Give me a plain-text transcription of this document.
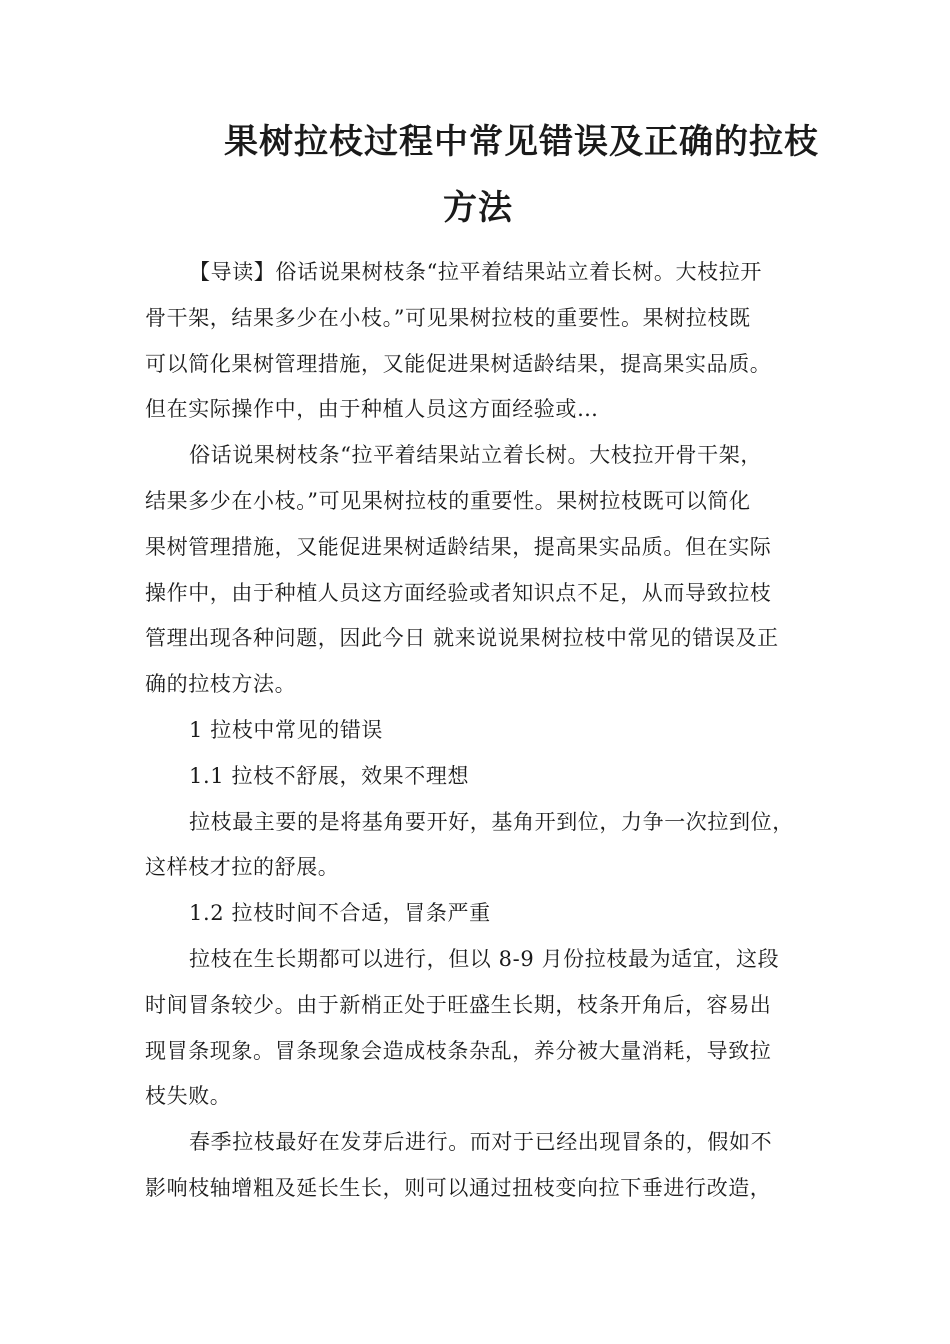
果树拉枝过程中常见错误及正确的拉枝
方法

【导读】俗话说果树枝条“拉平着结果站立着长树。大枝拉开

骨干架，结果多少在小枝。”可见果树拉枝的重要性。果树拉枝既

可以简化果树管理措施，又能促进果树适龄结果，提高果实品质。

但在实际操作中，由于种植人员这方面经验或…

俗话说果树枝条“拉平着结果站立着长树。大枝拉开骨干架，

结果多少在小枝。”可见果树拉枝的重要性。果树拉枝既可以简化

果树管理措施，又能促进果树适龄结果，提高果实品质。但在实际

操作中，由于种植人员这方面经验或者知识点不足，从而导致拉枝

管理出现各种问题，因此今日 就来说说果树拉枝中常见的错误及正

确的拉枝方法。

1 拉枝中常见的错误

1.1 拉枝不舒展，效果不理想

拉枝最主要的是将基角要开好，基角开到位，力争一次拉到位，

这样枝才拉的舒展。

1.2 拉枝时间不合适，冒条严重

拉枝在生长期都可以进行，但以 8-9 月份拉枝最为适宜，这段

时间冒条较少。由于新梢正处于旺盛生长期，枝条开角后，容易出

现冒条现象。冒条现象会造成枝条杂乱，养分被大量消耗，导致拉

枝失败。

春季拉枝最好在发芽后进行。而对于已经出现冒条的，假如不

影响枝轴增粗及延长生长，则可以通过扭枝变向拉下垂进行改造，
